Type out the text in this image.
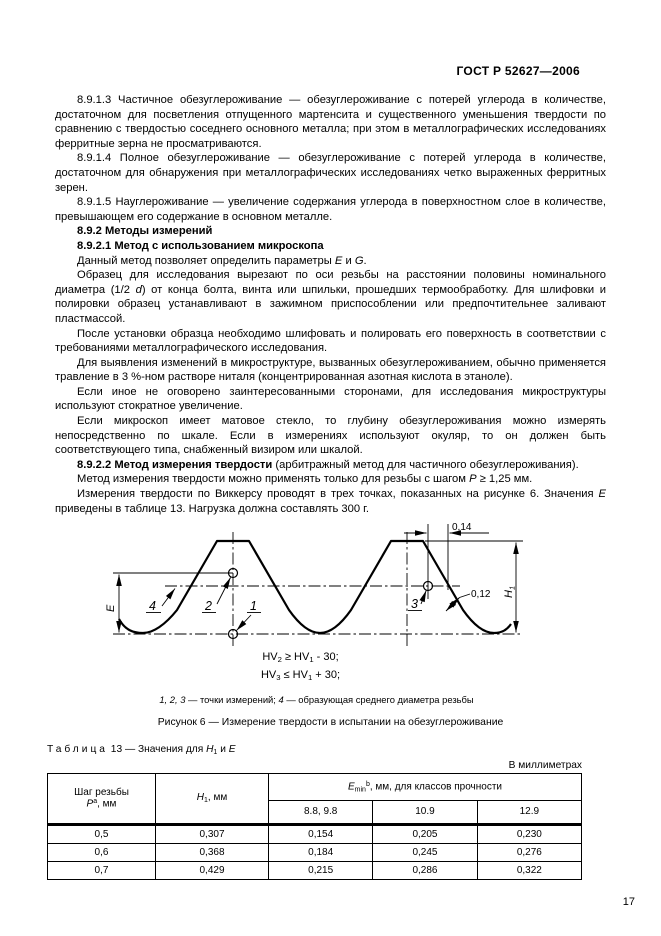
ГОСТ Р 52627—2006

8.9.1.3 Частичное обезуглероживание — обезуглероживание с потерей углерода в количестве, достаточном для посветления отпущенного мартенсита и существенного уменьшения твердости по сравнению с твердостью соседнего основного металла; при этом в металлографических исследованиях ферритные зерна не просматриваются.

8.9.1.4 Полное обезуглероживание — обезуглероживание с потерей углерода в количестве, достаточном для обнаружения при металлографических исследованиях четко выраженных ферритных зерен.

8.9.1.5 Науглероживание — увеличение содержания углерода в поверхностном слое в количестве, превышающем его содержание в основном металле.

8.9.2 Методы измерений

8.9.2.1 Метод с использованием микроскопа

Данный метод позволяет определить параметры E и G.

Образец для исследования вырезают по оси резьбы на расстоянии половины номинального диаметра (1/2 d) от конца болта, винта или шпильки, прошедших термообработку. Для шлифовки и полировки образец устанавливают в зажимном приспособлении или предпочтительнее заливают пластмассой.

После установки образца необходимо шлифовать и полировать его поверхность в соответствии с требованиями металлографического исследования.

Для выявления изменений в микроструктуре, вызванных обезуглероживанием, обычно применяется травление в 3 %-ном растворе ниталя (концентрированная азотная кислота в этаноле).

Если иное не оговорено заинтересованными сторонами, для исследования микроструктуры используют стократное увеличение.

Если микроскоп имеет матовое стекло, то глубину обезуглероживания можно измерять непосредственно по шкале. Если в измерениях используют окуляр, то он должен быть соответствующего типа, снабженный визиром или шкалой.

8.9.2.2 Метод измерения твердости (арбитражный метод для частичного обезуглероживания).

Метод измерения твердости можно применять только для резьбы с шагом P ≥ 1,25 мм.

Измерения твердости по Виккерсу проводят в трех точках, показанных на рисунке 6. Значения E приведены в таблице 13. Нагрузка должна составлять 300 г.

E
$H_1$
0,14
0,12
4	2	1	3
HV2 ≥ HV1 - 30;
HV3 ≤ HV1 + 30;
1, 2, 3 — точки измерений; 4 — образующая среднего диаметра резьбы
Рисунок 6 — Измерение твердости в испытании на обезуглероживание
Таблица 13 — Значения для H1 и E
В миллиметрах
Шаг резьбы
$P^a$, мм	H1, мм	Emin$^b$, мм, для классов прочности		
		8.8, 9.8	10.9	12.9
0,5	0,307	0,154	0,205	0,230
0,6	0,368	0,184	0,245	0,276
0,7	0,429	0,215	0,286	0,322
17
